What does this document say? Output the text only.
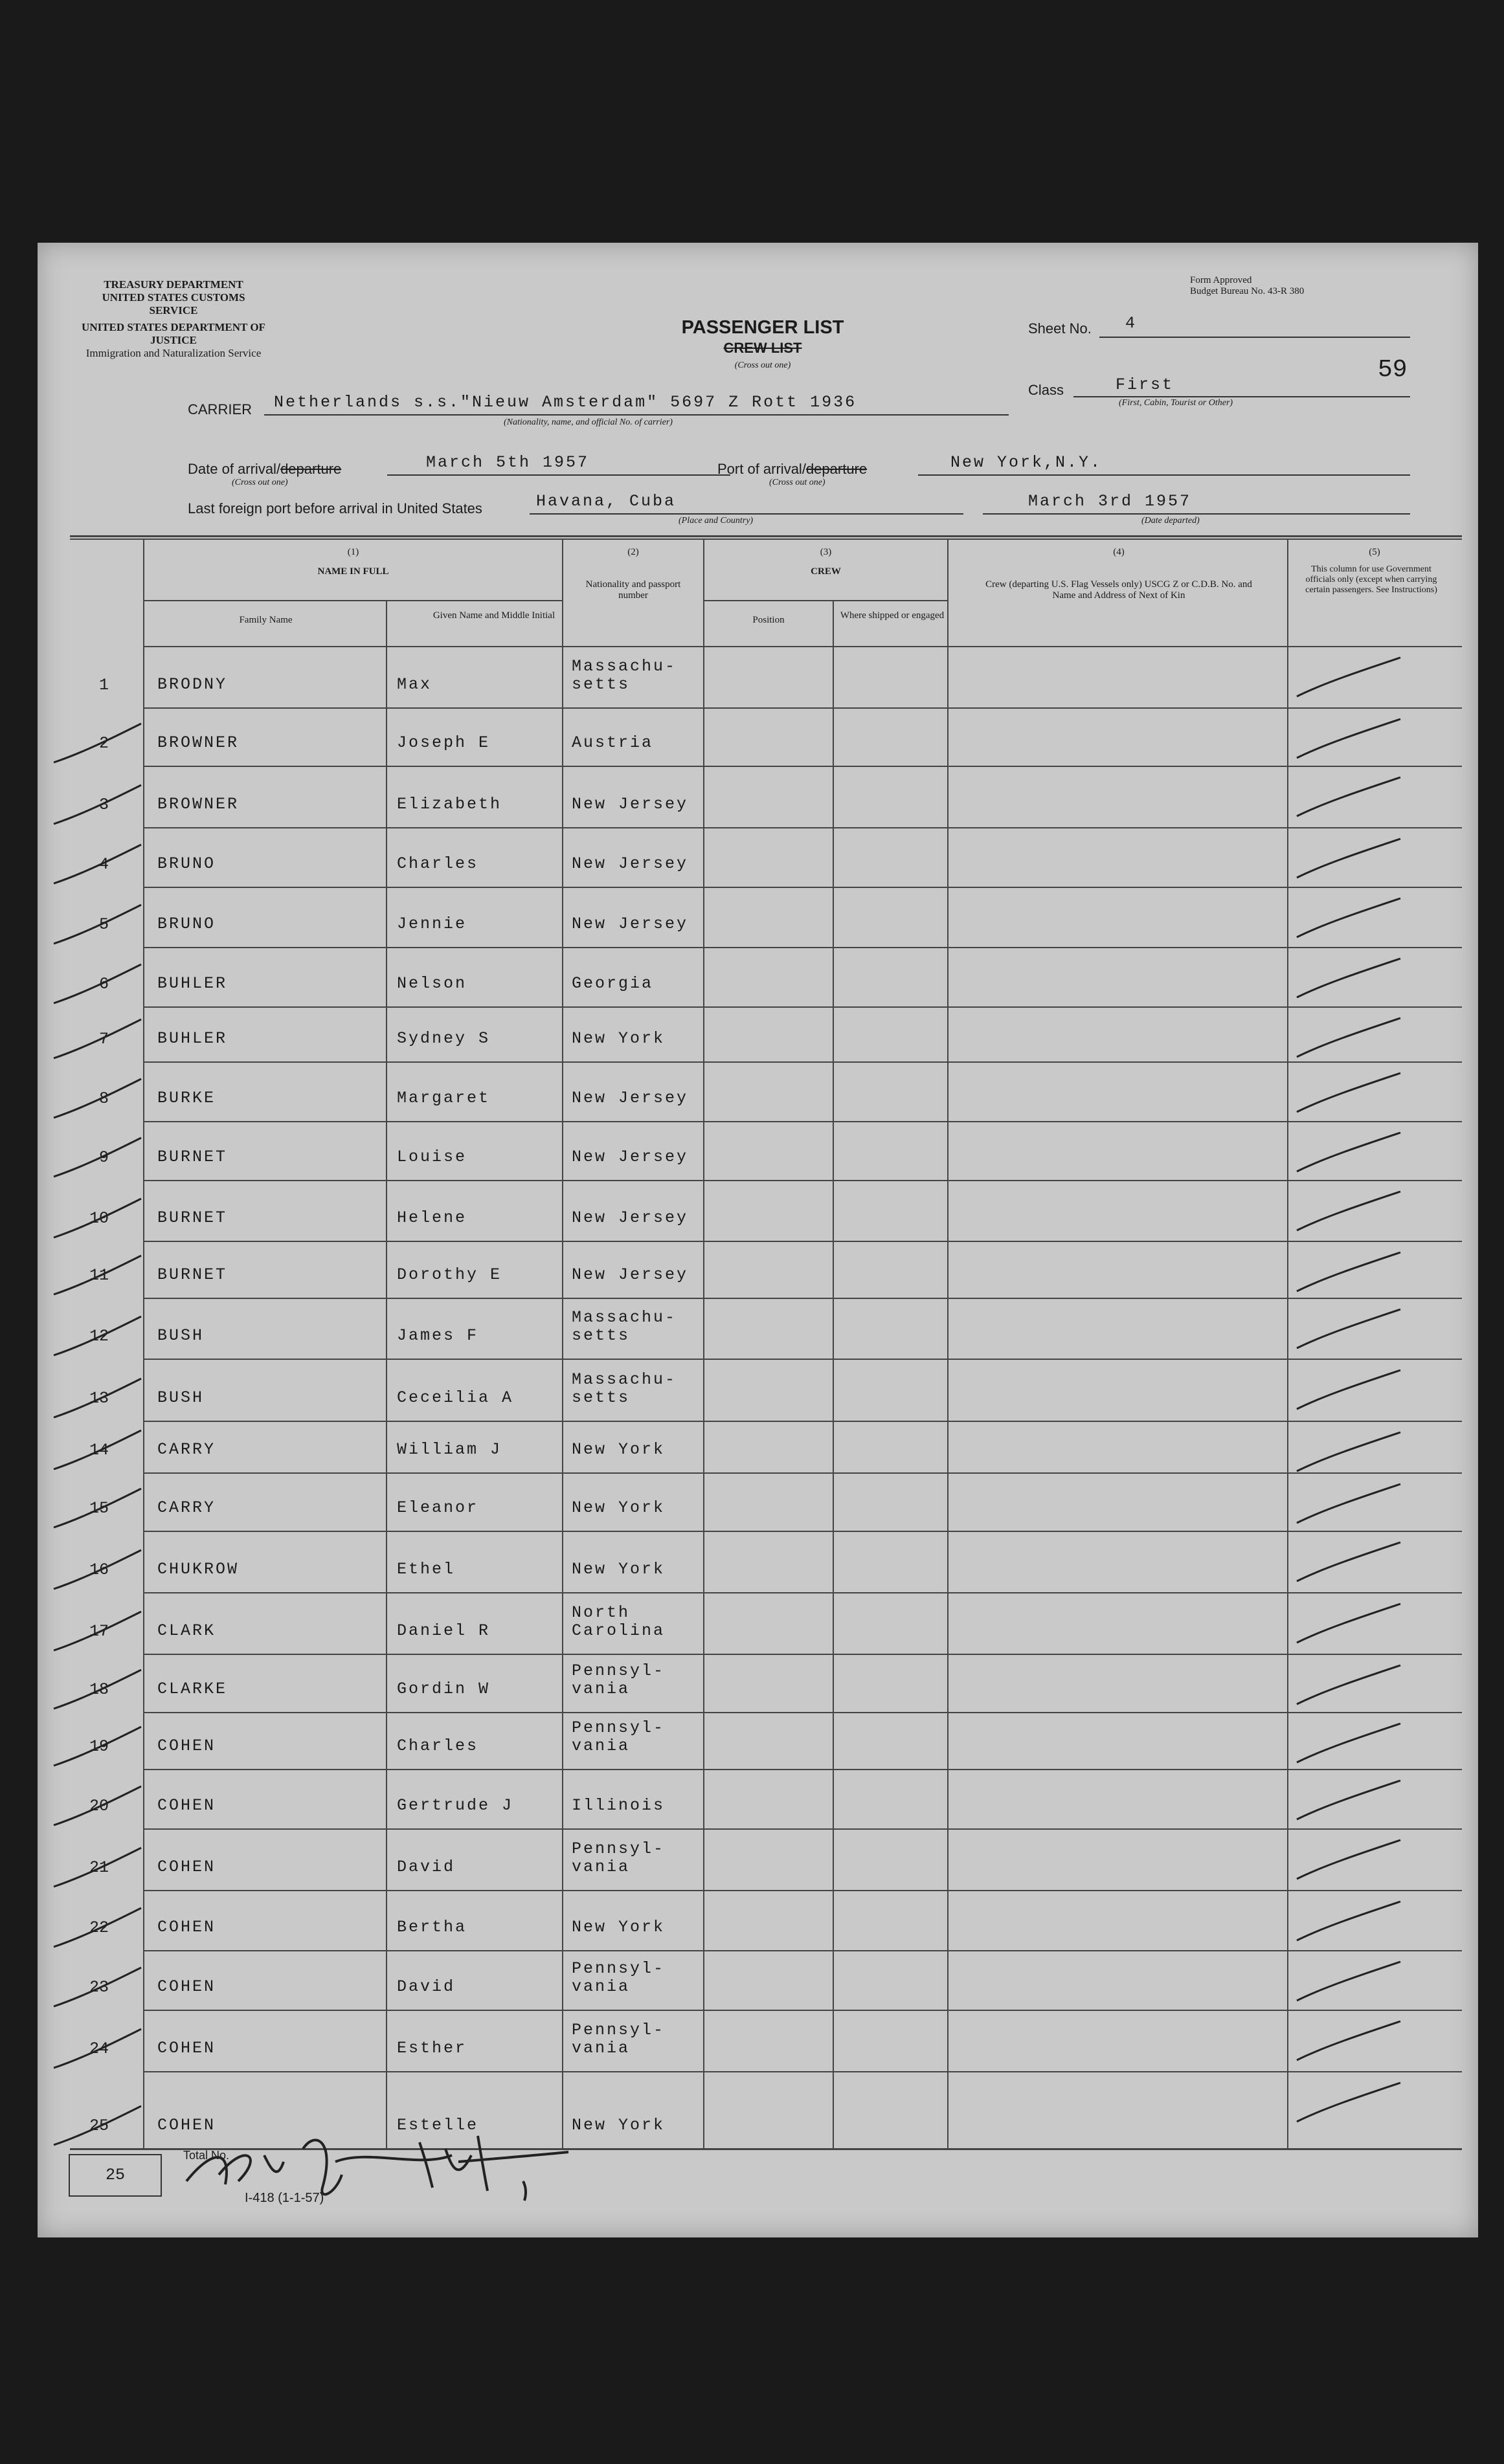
TREASURY DEPARTMENT
UNITED STATES CUSTOMS SERVICE
UNITED STATES DEPARTMENT OF JUSTICE
Immigration and Naturalization Service
Form Approved
Budget Bureau No. 43-R 380
PASSENGER LIST
CREW LIST
(Cross out one)
Sheet No. 4
59
Class	First
(First, Cabin, Tourist or Other)
CARRIER Netherlands s.s."Nieuw Amsterdam" 5697 Z Rott 1936
(Nationality, name, and official No. of carrier)
Date of arrival/departure
(Cross out one)
March 5th 1957	Port of arrival/departure
(Cross out one)
New York,N.Y.
Last foreign port before arrival in United States	Havana, Cuba
(Place and Country)
March 3rd 1957
(Date departed)
(1)
NAME IN FULL
Family Name	Given Name and Middle Initial
(2)
Nationality and passport number
(3)
CREW
Position	Where shipped or engaged
(4)
Crew (departing U.S. Flag Vessels only) USCG Z or C.D.B. No. and Name and Address of Next of Kin
(5)
This column for use Government officials only (except when carrying certain passengers. See Instructions)
1	BRODNY	Max
Massachu-
setts
2	BROWNER	Joseph E	Austria
3	BROWNER	Elizabeth	New Jersey
4	BRUNO	Charles	New Jersey
5	BRUNO	Jennie	New Jersey
6	BUHLER	Nelson	Georgia
7	BUHLER	Sydney S	New York
8	BURKE	Margaret	New Jersey
9	BURNET	Louise	New Jersey
10	BURNET	Helene	New Jersey
11	BURNET	Dorothy E	New Jersey
12	BUSH	James F
Massachu-
setts
13	BUSH	Ceceilia A
Massachu-
setts
14	CARRY	William J	New York
15	CARRY	Eleanor	New York
16	CHUKROW	Ethel	New York
17	CLARK	Daniel R
North
Carolina
18	CLARKE	Gordin W
Pennsyl-
vania
19	COHEN	Charles
Pennsyl-
vania
20	COHEN	Gertrude J	Illinois
21	COHEN	David
Pennsyl-
vania
22	COHEN	Bertha	New York
23	COHEN	David
Pennsyl-
vania
24	COHEN	Esther
Pennsyl-
vania
25	COHEN	Estelle	New York
25
Total No.
I-418 (1-1-57)
